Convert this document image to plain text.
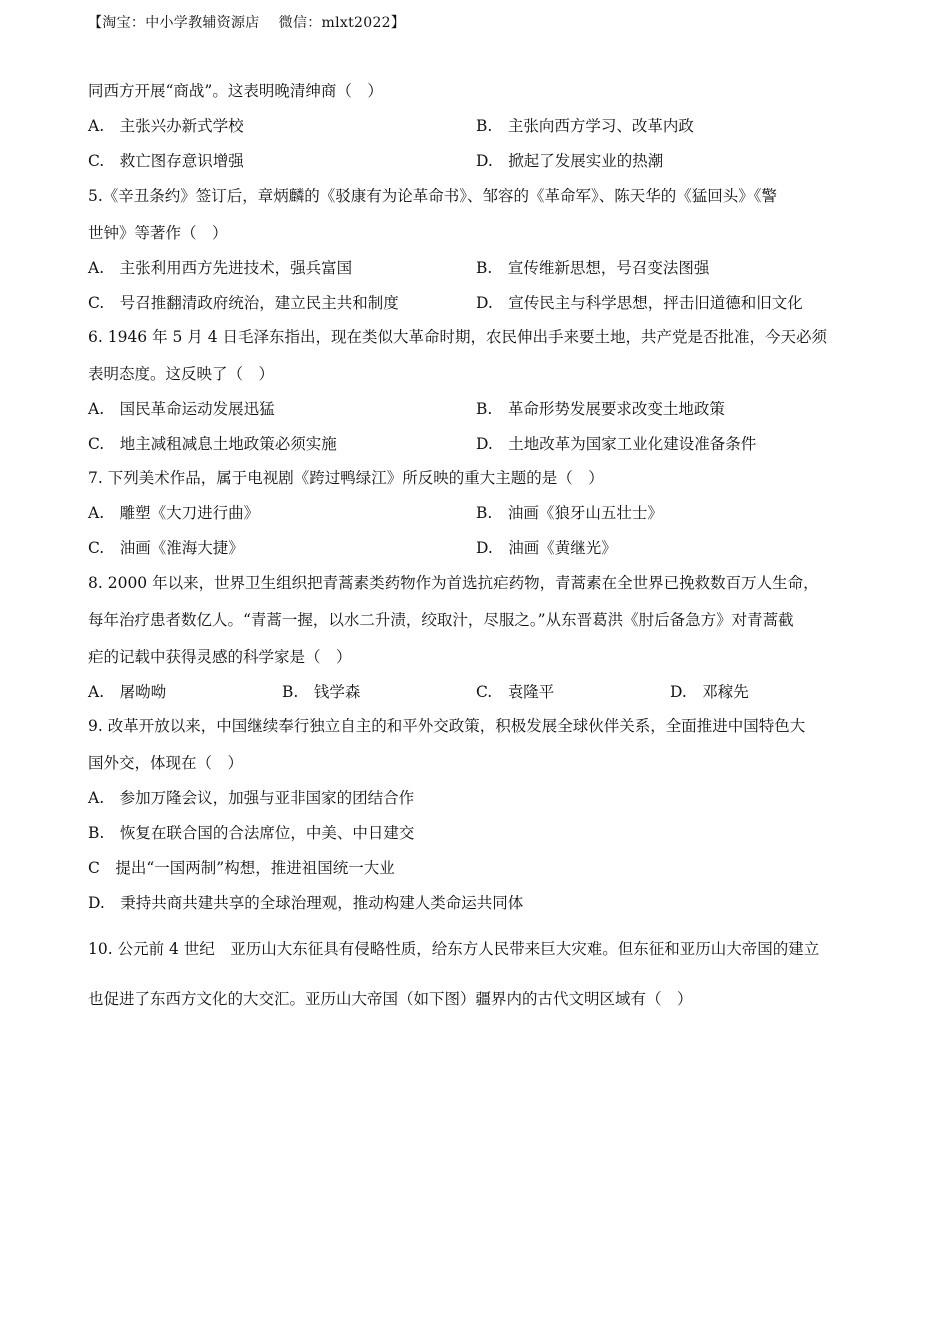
【淘宝：中小学教辅资源店　 微信：mlxt2022】
同西方开展“商战”。这表明晚清绅商（　）
A.　主张兴办新式学校	B.　主张向西方学习、改革内政
C.　救亡图存意识增强	D.　掀起了发展实业的热潮
5.《辛丑条约》签订后，章炳麟的《驳康有为论革命书》、邹容的《革命军》、陈天华的《猛回头》《警
世钟》等著作（　）
A.　主张利用西方先进技术，强兵富国	B.　宣传维新思想，号召变法图强
C.　号召推翻清政府统治，建立民主共和制度	D.　宣传民主与科学思想，抨击旧道德和旧文化
6. 1946 年 5 月 4 日毛泽东指出，现在类似大革命时期，农民伸出手来要土地，共产党是否批准，今天必须
表明态度。这反映了（　）
A.　国民革命运动发展迅猛	B.　革命形势发展要求改变土地政策
C.　地主减租减息土地政策必须实施	D.　土地改革为国家工业化建设准备条件
7. 下列美术作品，属于电视剧《跨过鸭绿江》所反映的重大主题的是（　）
A.　雕塑《大刀进行曲》	B.　油画《狼牙山五壮士》
C.　油画《淮海大捷》	D.　油画《黄继光》
8. 2000 年以来，世界卫生组织把青蒿素类药物作为首选抗疟药物，青蒿素在全世界已挽救数百万人生命，
每年治疗患者数亿人。“青蒿一握，以水二升渍，绞取汁，尽服之。”从东晋葛洪《肘后备急方》对青蒿截
疟的记载中获得灵感的科学家是（　）
A.　屠呦呦	B.　钱学森	C.　袁隆平	D.　邓稼先
9. 改革开放以来，中国继续奉行独立自主的和平外交政策，积极发展全球伙伴关系，全面推进中国特色大
国外交，体现在（　）
A.　参加万隆会议，加强与亚非国家的团结合作
B.　恢复在联合国的合法席位，中美、中日建交
C　提出“一国两制”构想，推进祖国统一大业
D.　秉持共商共建共享的全球治理观，推动构建人类命运共同体
10. 公元前 4 世纪　亚历山大东征具有侵略性质，给东方人民带来巨大灾难。但东征和亚历山大帝国的建立
也促进了东西方文化的大交汇。亚历山大帝国（如下图）疆界内的古代文明区域有（　）
